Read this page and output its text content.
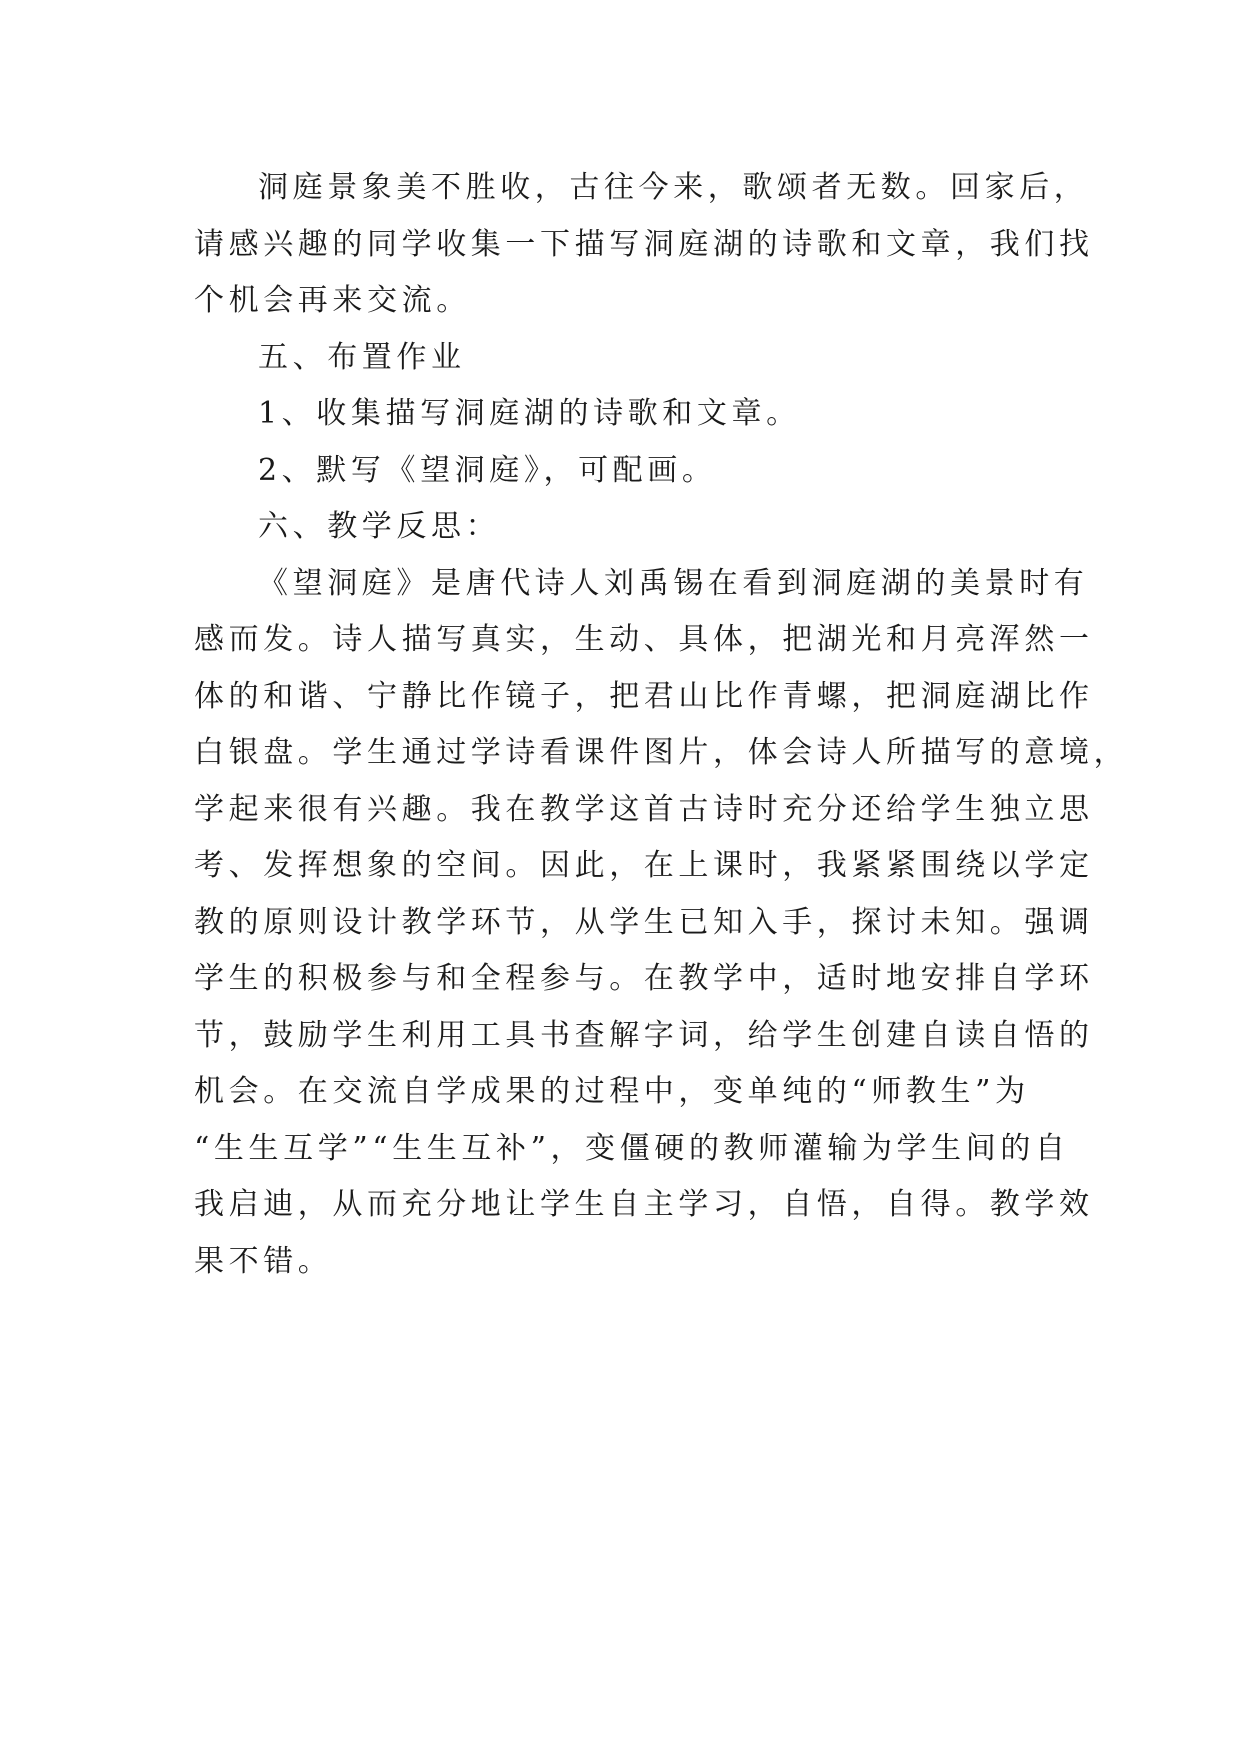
洞庭景象美不胜收，古往今来，歌颂者无数。回家后，
请感兴趣的同学收集一下描写洞庭湖的诗歌和文章，我们找
个机会再来交流。

五、布置作业

1、收集描写洞庭湖的诗歌和文章。

2、默写《望洞庭》，可配画。

六、教学反思：

《望洞庭》是唐代诗人刘禹锡在看到洞庭湖的美景时有
感而发。诗人描写真实，生动、具体，把湖光和月亮浑然一
体的和谐、宁静比作镜子，把君山比作青螺，把洞庭湖比作
白银盘。学生通过学诗看课件图片，体会诗人所描写的意境，
学起来很有兴趣。我在教学这首古诗时充分还给学生独立思
考、发挥想象的空间。因此，在上课时，我紧紧围绕以学定
教的原则设计教学环节，从学生已知入手，探讨未知。强调
学生的积极参与和全程参与。在教学中，适时地安排自学环
节，鼓励学生利用工具书查解字词，给学生创建自读自悟的
机会。在交流自学成果的过程中，变单纯的“师教生”为
“生生互学”“生生互补”，变僵硬的教师灌输为学生间的自
我启迪，从而充分地让学生自主学习，自悟，自得。教学效
果不错。
